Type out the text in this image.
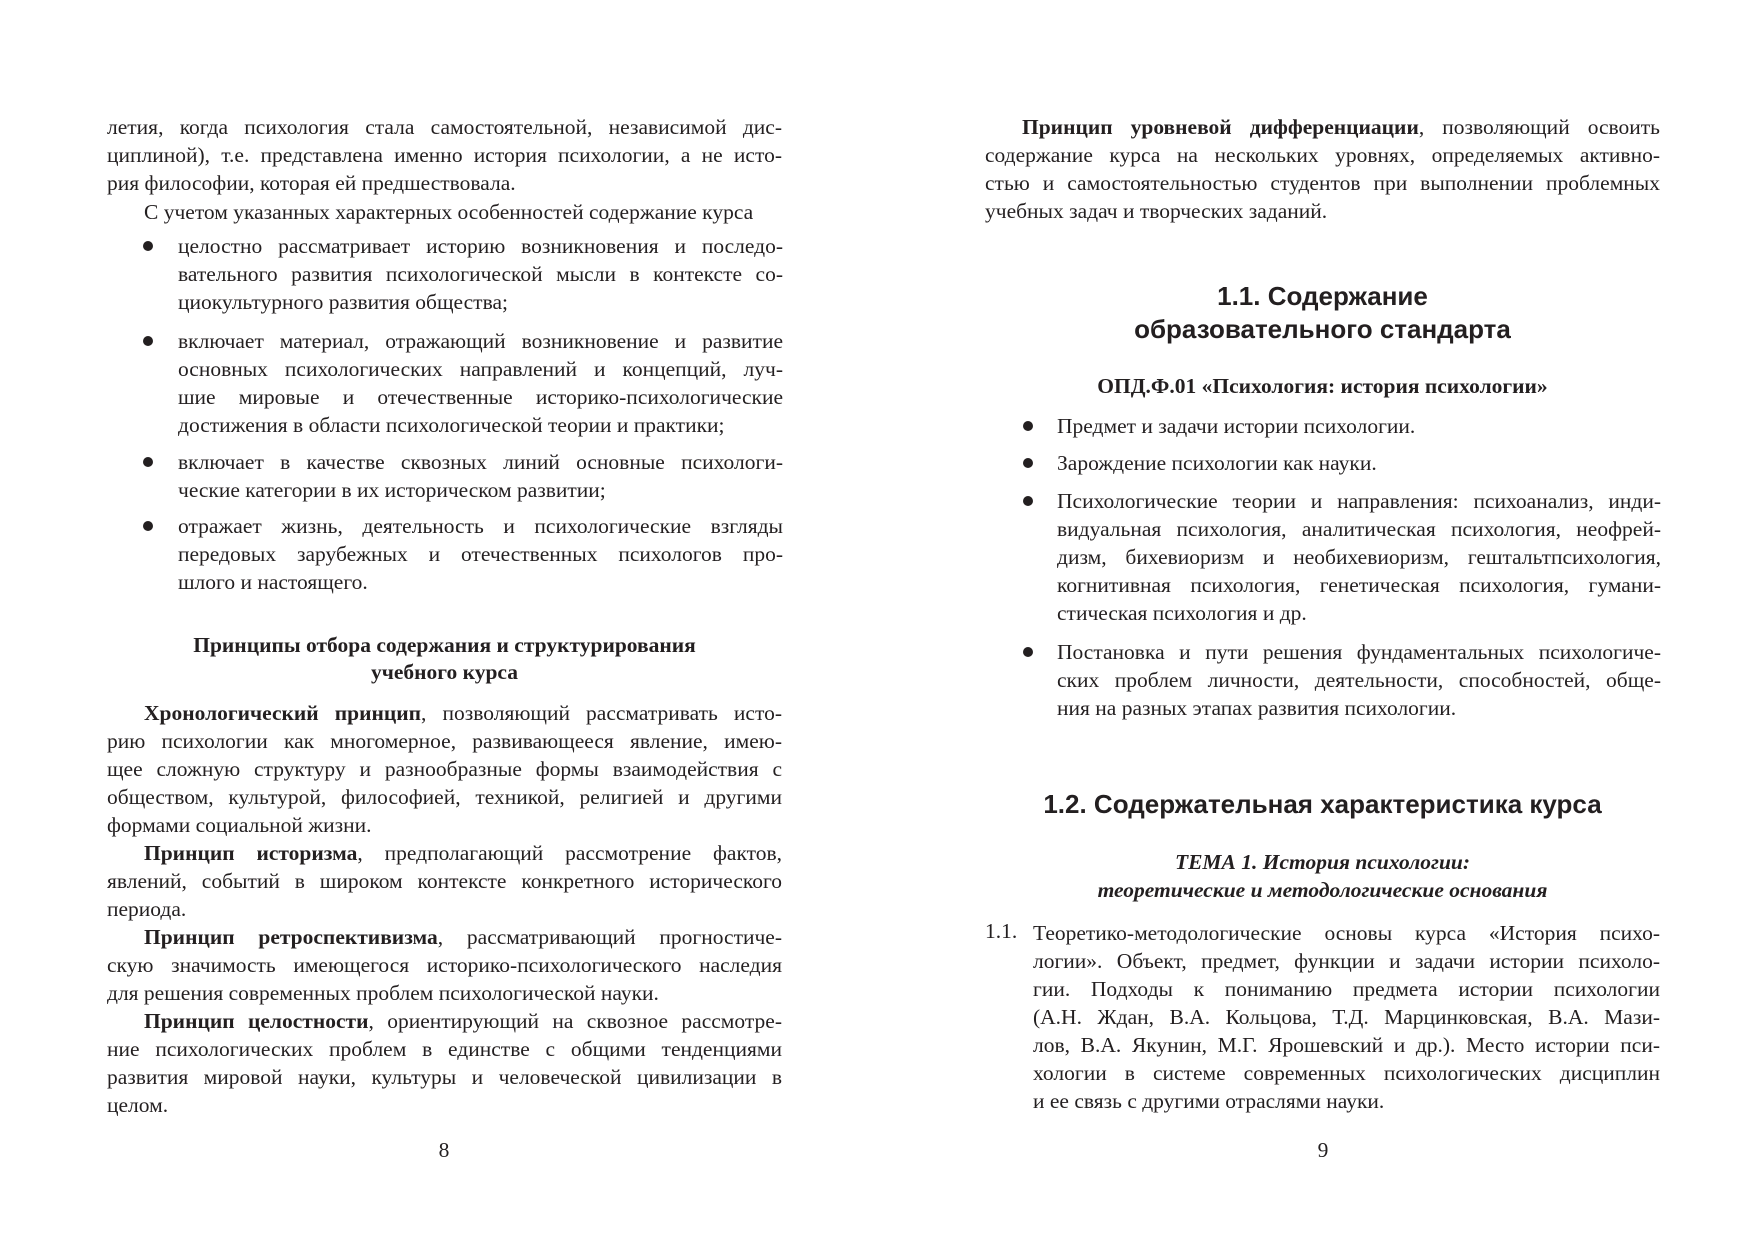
летия, когда психология стала самостоятельной, независимой дис-
циплиной), т.е. представлена именно история психологии, а не исто-
рия философии, которая ей предшествовала.
С учетом указанных характерных особенностей содержание курса
целостно рассматривает историю возникновения и последо-
вательного развития психологической мысли в контексте со-
циокультурного развития общества;
включает материал, отражающий возникновение и развитие
основных психологических направлений и концепций, луч-
шие мировые и отечественные историко-психологические
достижения в области психологической теории и практики;
включает в качестве сквозных линий основные психологи-
ческие категории в их историческом развитии;
отражает жизнь, деятельность и психологические взгляды
передовых зарубежных и отечественных психологов про-
шлого и настоящего.
Принципы отбора содержания и структурирования
учебного курса
Хронологический принцип, позволяющий рассматривать исто-
рию психологии как многомерное, развивающееся явление, имею-
щее сложную структуру и разнообразные формы взаимодействия с
обществом, культурой, философией, техникой, религией и другими
формами социальной жизни.
Принцип историзма, предполагающий рассмотрение фактов,
явлений, событий в широком контексте конкретного исторического
периода.
Принцип ретроспективизма, рассматривающий прогностиче-
скую значимость имеющегося историко-психологического наследия
для решения современных проблем психологической науки.
Принцип целостности, ориентирующий на сквозное рассмотре-
ние психологических проблем в единстве с общими тенденциями
развития мировой науки, культуры и человеческой цивилизации в
целом.
8
Принцип уровневой дифференциации, позволяющий освоить
содержание курса на нескольких уровнях, определяемых активно-
стью и самостоятельностью студентов при выполнении проблемных
учебных задач и творческих заданий.
1.1. Содержание
образовательного стандарта
ОПД.Ф.01 «Психология: история психологии»
Предмет и задачи истории психологии.
Зарождение психологии как науки.
Психологические теории и направления: психоанализ, инди-
видуальная психология, аналитическая психология, неофрей-
дизм, бихевиоризм и необихевиоризм, гештальтпсихология,
когнитивная психология, генетическая психология, гумани-
стическая психология и др.
Постановка и пути решения фундаментальных психологиче-
ских проблем личности, деятельности, способностей, обще-
ния на разных этапах развития психологии.
1.2. Содержательная характеристика курса
ТЕМА 1. История психологии:
теоретические и методологические основания
1.1. Теоретико-методологические основы курса «История психо-
логии». Объект, предмет, функции и задачи истории психоло-
гии. Подходы к пониманию предмета истории психологии
(А.Н. Ждан, В.А. Кольцова, Т.Д. Марцинковская, В.А. Мази-
лов, В.А. Якунин, М.Г. Ярошевский и др.). Место истории пси-
хологии в системе современных психологических дисциплин
и ее связь с другими отраслями науки.
9
